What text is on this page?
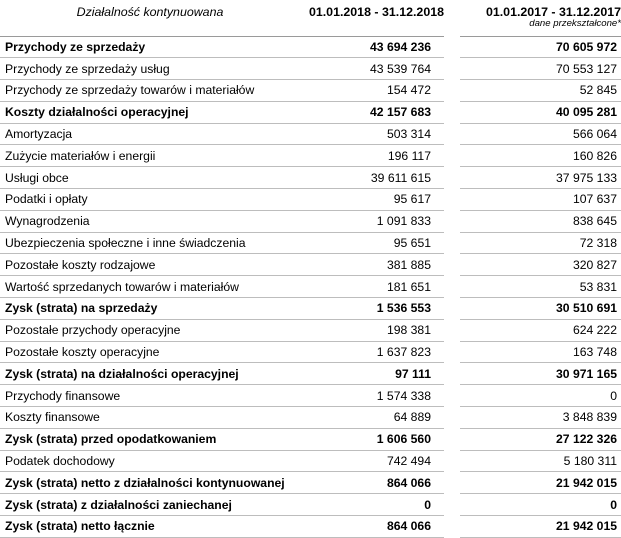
Działalność kontynuowana	01.01.2018 - 31.12.2018		01.01.2017 - 31.12.2017
dane przekształcone*

Przychody ze sprzedaży	43 694 236		70 605 972
Przychody ze sprzedaży usług	43 539 764		70 553 127
Przychody ze sprzedaży towarów i materiałów	154 472		52 845
Koszty działalności operacyjnej	42 157 683		40 095 281
Amortyzacja	503 314		566 064
Zużycie materiałów i energii	196 117		160 826
Usługi obce	39 611 615		37 975 133
Podatki i opłaty	95 617		107 637
Wynagrodzenia	1 091 833		838 645
Ubezpieczenia społeczne i inne świadczenia	95 651		72 318
Pozostałe koszty rodzajowe	381 885		320 827
Wartość sprzedanych towarów i materiałów	181 651		53 831
Zysk (strata) na sprzedaży	1 536 553		30 510 691
Pozostałe przychody operacyjne	198 381		624 222
Pozostałe koszty operacyjne	1 637 823		163 748
Zysk (strata) na działalności operacyjnej	97 111		30 971 165
Przychody finansowe	1 574 338		0
Koszty finansowe	64 889		3 848 839
Zysk (strata) przed opodatkowaniem	1 606 560		27 122 326
Podatek dochodowy	742 494		5 180 311
Zysk (strata) netto z działalności kontynuowanej	864 066		21 942 015
Zysk (strata) z działalności zaniechanej	0		0
Zysk (strata) netto łącznie	864 066		21 942 015
